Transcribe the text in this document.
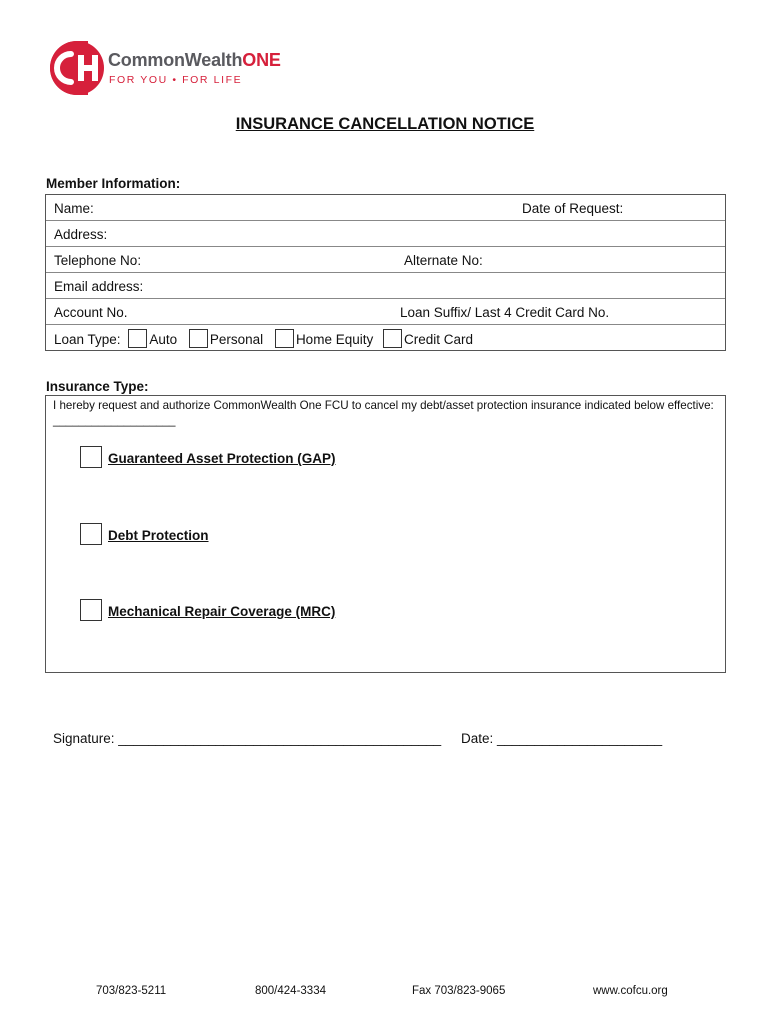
CommonWealthONE
FOR YOU • FOR LIFE
INSURANCE CANCELLATION NOTICE
Member Information:
Name:	Date of Request:
Address:
Telephone No:	Alternate No:
Email address:
Account No.	Loan Suffix/ Last 4 Credit Card No.
Loan Type: Auto Personal Home Equity Credit Card
Insurance Type:
I hereby request and authorize CommonWealth One FCU to cancel my debt/asset protection insurance indicated below effective: ___________________
Guaranteed Asset Protection (GAP)
Debt Protection
Mechanical Repair Coverage (MRC)
Signature: ___________________________________________ Date: ______________________
703/823-5211	800/424-3334	Fax 703/823-9065	www.cofcu.org
